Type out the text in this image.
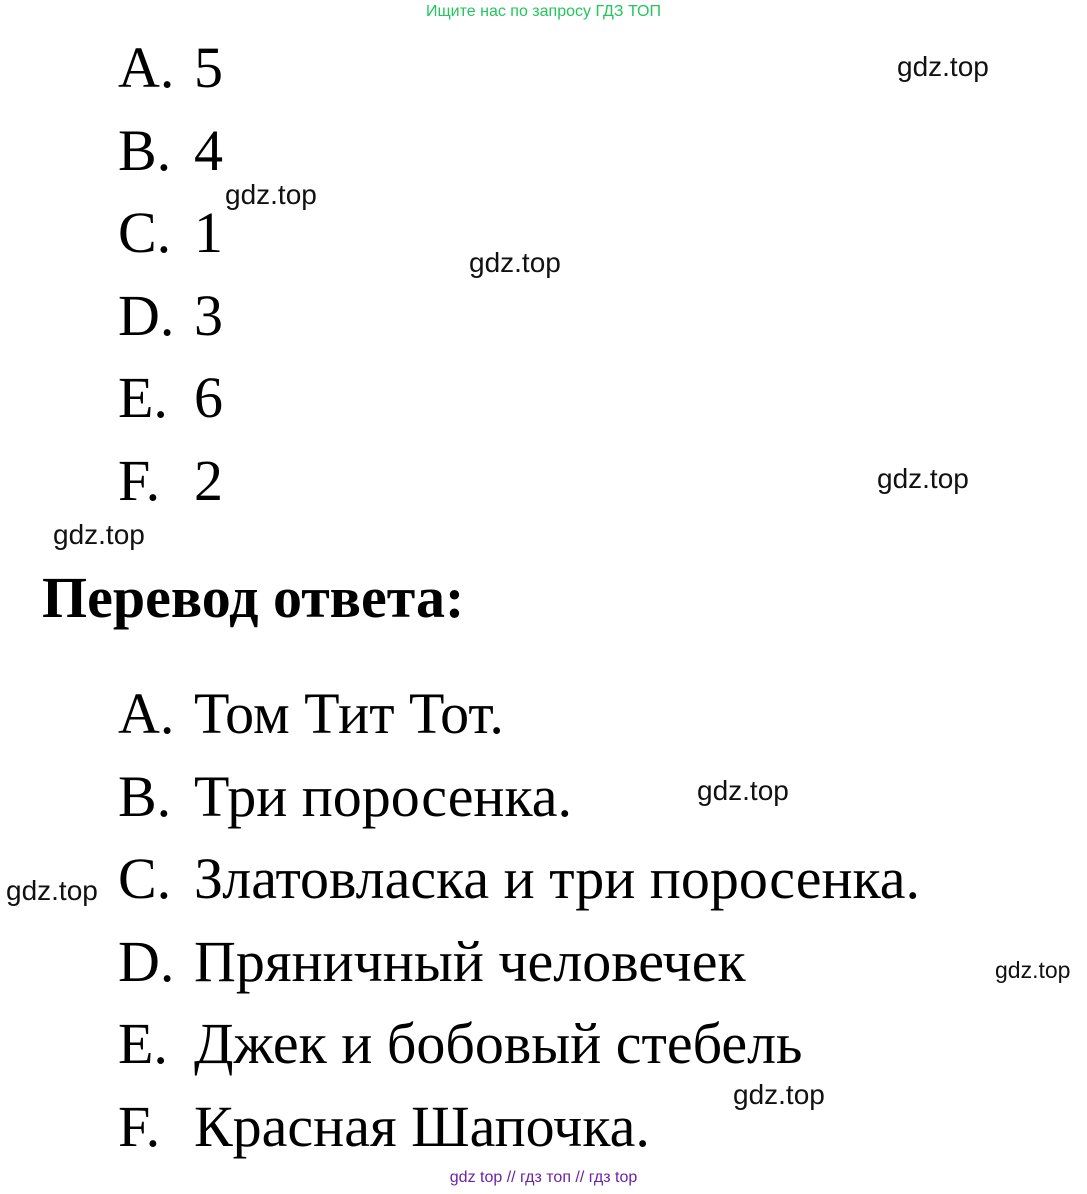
Ищите нас по запросу ГДЗ ТОП
A. 5
B. 4
C. 1
D. 3
E. 6
F. 2
Перевод ответа:
A. Том Тит Тот.
B. Три поросенка.
C. Златовласка и три поросенка.
D. Пряничный человечек
E. Джек и бобовый стебель
F. Красная Шапочка.
gdz.top
gdz.top
gdz.top
gdz.top
gdz.top
gdz.top
gdz.top
gdz.top
gdz.top
gdz top // гдз топ // гдз top
